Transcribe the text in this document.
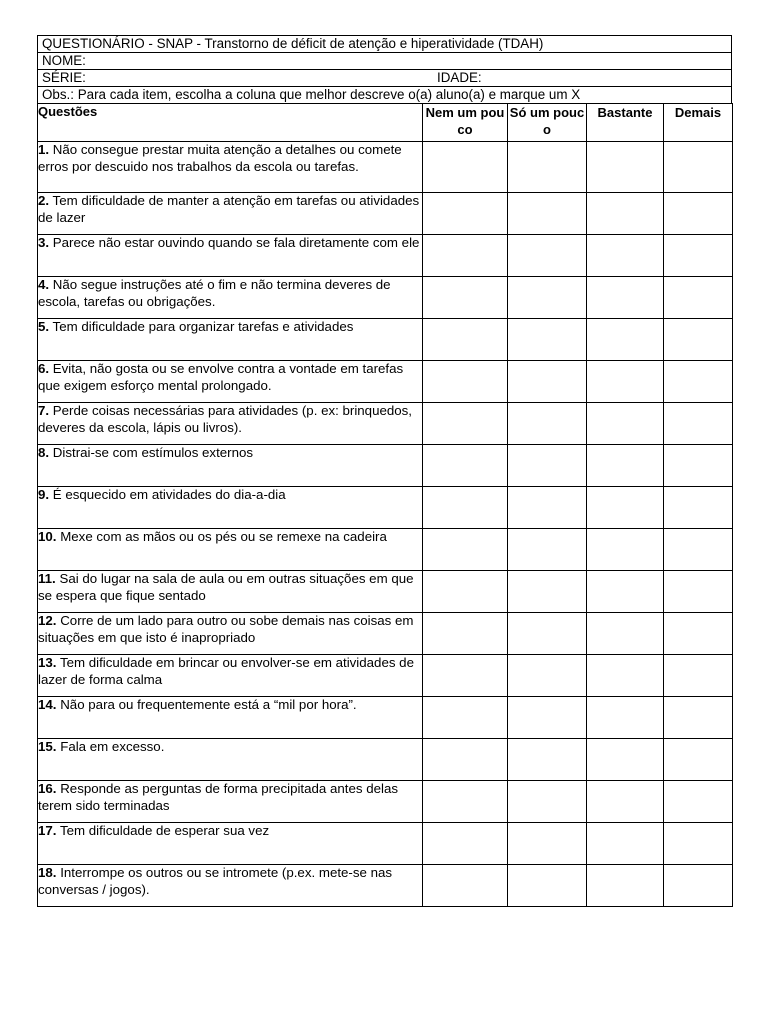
QUESTIONÁRIO - SNAP - Transtorno de déficit de atenção e hiperatividade (TDAH)
NOME:
SÉRIE:	IDADE:
Obs.: Para cada item, escolha a coluna que melhor descreve o(a) aluno(a) e marque um X
Questões	Nem um pouco	Só um pouco	Bastante	Demais
1. Não consegue prestar muita atenção a detalhes ou comete erros por descuido nos trabalhos da escola ou tarefas.				
2. Tem dificuldade de manter a atenção em tarefas ou atividades de lazer				
3. Parece não estar ouvindo quando se fala diretamente com ele				
4. Não segue instruções até o fim e não termina deveres de escola, tarefas ou obrigações.				
5. Tem dificuldade para organizar tarefas e atividades				
6. Evita, não gosta ou se envolve contra a vontade em tarefas que exigem esforço mental prolongado.				
7. Perde coisas necessárias para atividades (p. ex: brinquedos, deveres da escola, lápis ou livros).				
8. Distrai-se com estímulos externos				
9. É esquecido em atividades do dia-a-dia				
10. Mexe com as mãos ou os pés ou se remexe na cadeira				
11. Sai do lugar na sala de aula ou em outras situações em que se espera que fique sentado				
12. Corre de um lado para outro ou sobe demais nas coisas em situações em que isto é inapropriado				
13. Tem dificuldade em brincar ou envolver-se em atividades de lazer de forma calma				
14. Não para ou frequentemente está a “mil por hora”.				
15. Fala em excesso.				
16. Responde as perguntas de forma precipitada antes delas terem sido terminadas				
17. Tem dificuldade de esperar sua vez				
18. Interrompe os outros ou se intromete (p.ex. mete-se nas conversas / jogos).				
